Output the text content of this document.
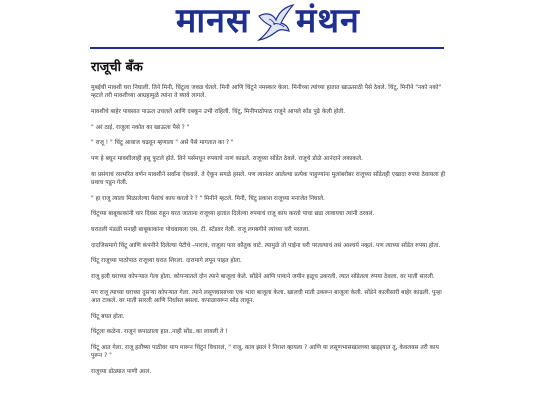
मानस मंथन
राजूची बॅंक

मुबईची मावशी घरा निघाली. तिने मिनी, चिंटूला जवळ घेतले. मिनी आणि चिंटूने नमस्कार केला. मिनीच्या त्यांच्या हातात खाऊसाठी पैसे ठेवले. चिंटू, मिनीने "नको नको" म्हटले तरी मावशीच्या आग्रहामुळे त्यांना ते घ्यावे लागले.

मावशीचे बाहेर पावसात पाऊल उचलले आणि दबकून उभी राहिली. चिंटू, मिनीपाठोपाठ राजूने आपले सोंड पुढे केली होती.

" अरं ठाई, राजूला नकोत का खाऊला पैसे ? "

" राजू ! " चिंटू आवाज चढवून म्हणाला " असे पैसे मागतात का ? "

पण हे बघून मावशीलाही हसू फुटले होते. तिने पर्समधून रुपयाचे नाणं काढले. राजूच्या सोंडेत ठेवले. राजूचे डोळे आनंदाने लकाकले.

या प्रसंगाचं रसभरित वर्णन मावशीने सर्वांना ऐकवले. ते ऐकून सगळे हसले. पण त्यानंतर आलेल्या प्रत्येक पाहुण्यांना मुलांबरोबर राजूच्या सोंडेतही एखादा रुपया ठेवायला ही प्रथाच पडून गेली.

" हा राजू त्याला मिळालेल्या पैशांचं काय करतो रे ? " मिनीने म्हटले. मिनी, चिंटू प्रकाश राजूच्या मनाजेत निघाले.

चिंटूच्या बाबूकाकांनी चार दिवस राहून घरत जाताना राजूच्या हातात दिलेल्या रुपयाचं राजू काय करतो पाचा छडा लावायचा त्यांनी ठरवलं.

घरातली मंडळी मनाही बाबूकाकांना पोचवायला एस. टी. स्टॅंडवर गेली. राजू लगबगीने त्यांच्या घरी परतला.

दादजिसमागे चिंटू आणि कंपनीने दिलेल्या पेटीचे –पाराचं, राजूला फार कौतुक वाटे. त्यामुळे तो पाईना घरी परतल्याचं तसं आश्चर्य नव्हतं. पण त्याच्या सोंडेत रुपया होता.

चिंटू राजूच्या पाठोपाठ राजूच्या घरात शिरला. दारामागे लपून पाहत होता.

राजू हली घराच्या कोपऱ्यात गेला होता. कोपऱ्यातले दोन त्याने बाजूला केले. सोंडेने आणि पायाने जमीन हळूच उकरली. त्यात सोंडेतला रुपया ठेवला. वर माती सारली.

मग राजू त्याच्या घराच्या दुसऱ्या कोपऱ्यात गेला. त्याने लसूणघासाच्या एक भारा बाजूला केला. खालची माती उकरून बाजूला केली. सोंडेने कालीसारी बाहेर काढली. पुन्हा आत टाकले. वर माती सारली आणि निर्धास्त बसला. कपाळावरून सोंड लावून.

चिंटू बघत होता.

चिंटूला कळेना. राजूनं कपाळाला हात..नाही सोंड..का लावली ते !

चिंटू आत गेला. राजू हतौष्या पाठीवर थाप मारून चिंटूनं विचारलं, " राजू, काय झालं रे निराश व्हायला ? आणि या लसूणभासखालच्या खड्ड्यात तू, केवलवस तरी काय पुरून ? "

राजूच्या डोळ्यात पाणी आलं.
